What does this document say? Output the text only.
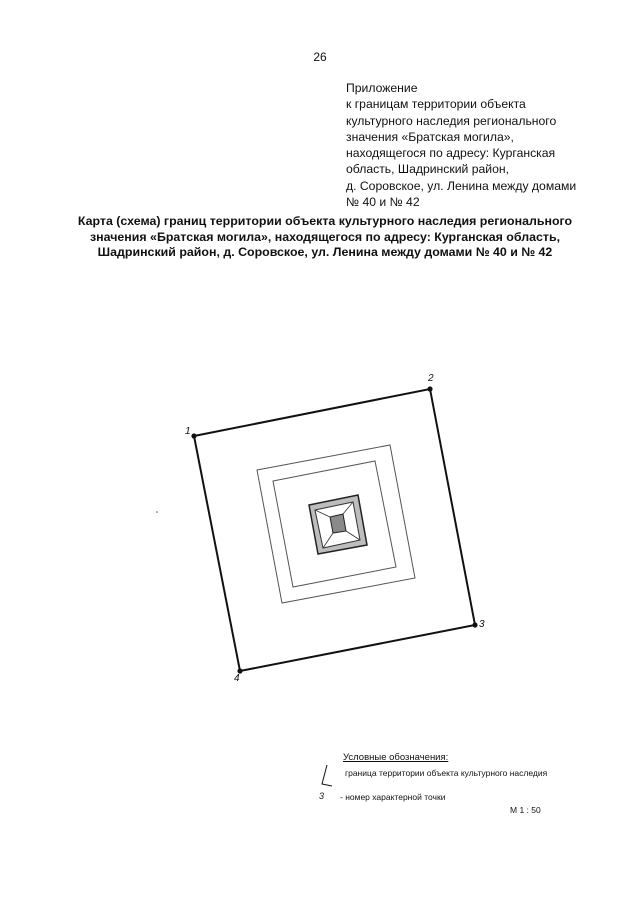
26
Приложение
к границам территории объекта
культурного наследия регионального
значения «Братская могила»,
находящегося по адресу: Курганская
область, Шадринский район,
д. Соровское, ул. Ленина между домами
№ 40 и № 42
Карта (схема) границ территории объекта культурного наследия регионального
значения «Братская могила», находящегося по адресу: Курганская область,
Шадринский район, д. Соровское, ул. Ленина между домами № 40 и № 42
1
2
3
4
Условные обозначения:
граница территории объекта культурного наследия
3 - номер характерной точки
М 1 : 50
